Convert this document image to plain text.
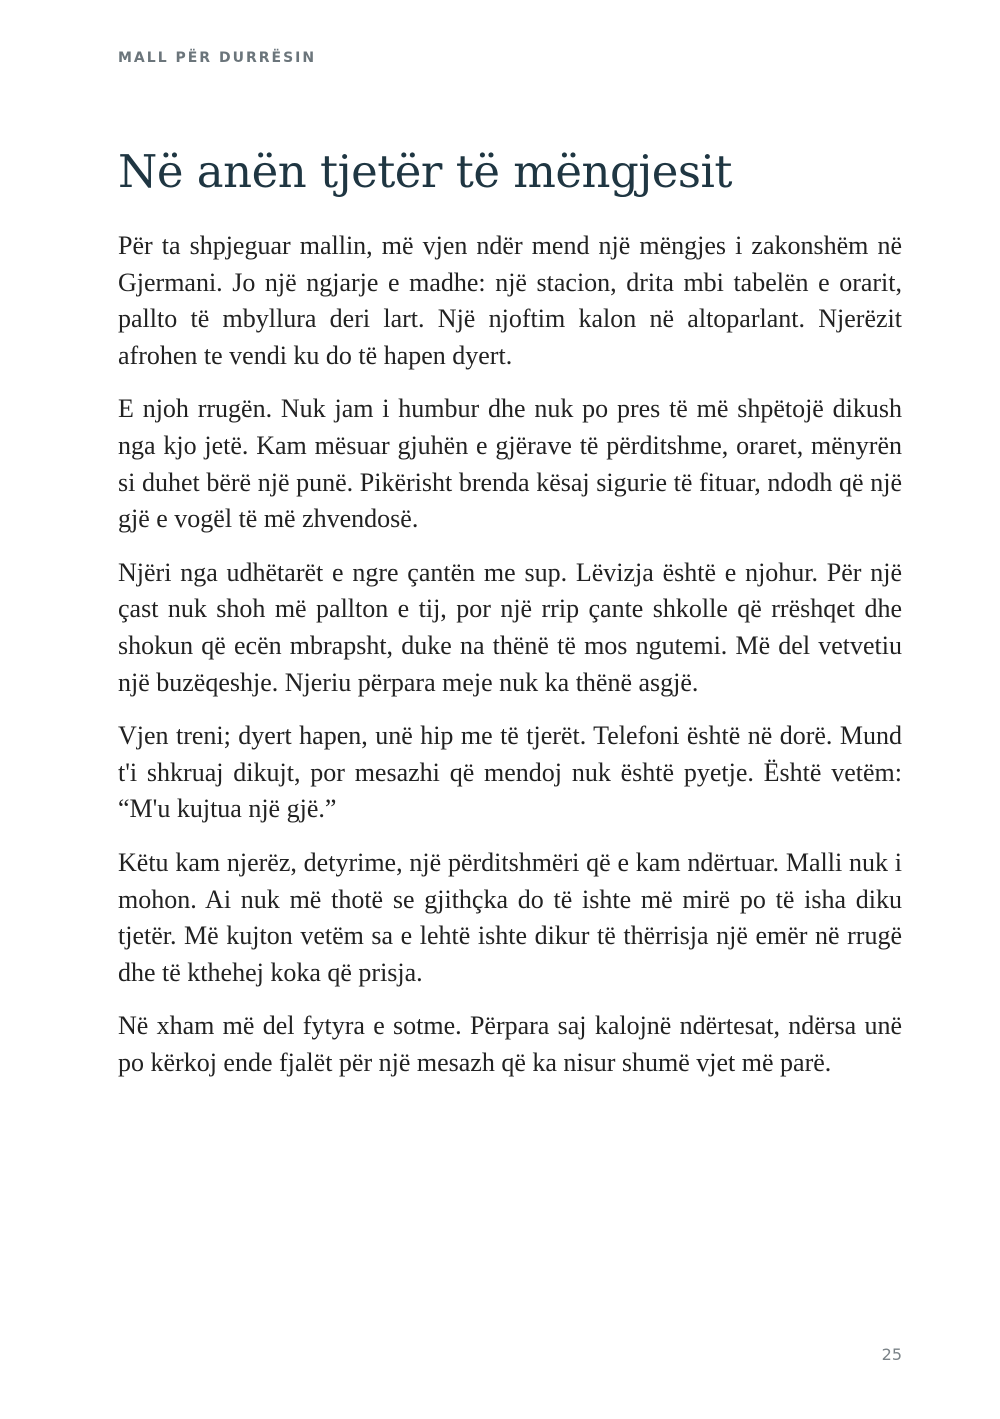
MALL PËR DURRËSIN
Në anën tjetër të mëngjesit

Për ta shpjeguar mallin, më vjen ndër mend një mëngjes i zakonshëm në Gjermani. Jo një ngjarje e madhe: një stacion, drita mbi tabelën e orarit, pallto të mbyllura deri lart. Një njoftim kalon në altoparlant. Njerëzit afrohen te vendi ku do të hapen dyert.

E njoh rrugën. Nuk jam i humbur dhe nuk po pres të më shpëtojë dikush nga kjo jetë. Kam mësuar gjuhën e gjërave të përditshme, oraret, mënyrën si duhet bërë një punë. Pikërisht brenda kësaj sigurie të fituar, ndodh që një gjë e vogël të më zhvendosë.

Njëri nga udhëtarët e ngre çantën me sup. Lëvizja është e njohur. Për një çast nuk shoh më pallton e tij, por një rrip çante shkolle që rrëshqet dhe shokun që ecën mbrapsht, duke na thënë të mos ngutemi. Më del vetvetiu një buzëqeshje. Njeriu përpara meje nuk ka thënë asgjë.

Vjen treni; dyert hapen, unë hip me të tjerët. Telefoni është në dorë. Mund t'i shkruaj dikujt, por mesazhi që mendoj nuk është pyetje. Është vetëm: “M'u kujtua një gjë.”

Këtu kam njerëz, detyrime, një përditshmëri që e kam ndërtuar. Malli nuk i mohon. Ai nuk më thotë se gjithçka do të ishte më mirë po të isha diku tjetër. Më kujton vetëm sa e lehtë ishte dikur të thërrisja një emër në rrugë dhe të kthehej koka që prisja.

Në xham më del fytyra e sotme. Përpara saj kalojnë ndërtesat, ndërsa unë po kërkoj ende fjalët për një mesazh që ka nisur shumë vjet më parë.

25
